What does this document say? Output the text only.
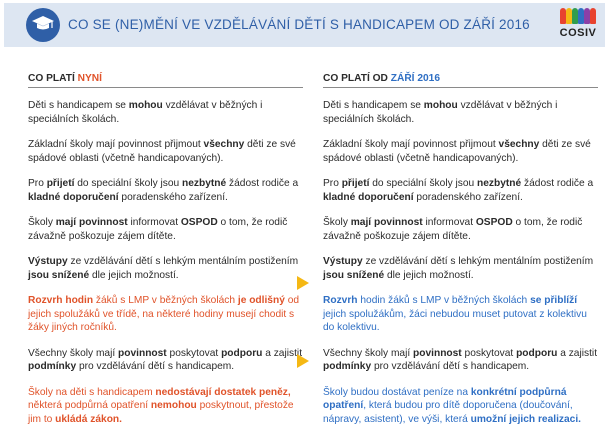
CO SE (NE)MĚNÍ VE VZDĚLÁVÁNÍ DĚTÍ S HANDICAPEM OD ZÁŘÍ 2016
COSIV
CO PLATÍ NYNÍ
Děti s handicapem se mohou vzdělávat v běžných i speciálních školách.
Základní školy mají povinnost přijmout všechny děti ze své spádové oblasti (včetně handicapovaných).
Pro přijetí do speciální školy jsou nezbytné žádost rodiče a kladné doporučení poradenského zařízení.
Školy mají povinnost informovat OSPOD o tom, že rodič závažně poškozuje zájem dítěte.
Výstupy ze vzdělávání dětí s lehkým mentálním postižením jsou snížené dle jejich možností.
Rozvrh hodin žáků s LMP v běžných školách je odlišný od jejich spolužáků ve třídě, na některé hodiny musejí chodit s žáky jiných ročníků.
Všechny školy mají povinnost poskytovat podporu a zajistit podmínky pro vzdělávání dětí s handicapem.
Školy na děti s handicapem nedostávají dostatek peněz, některá podpůrná opatření nemohou poskytnout, přestože jim to ukládá zákon.
CO PLATÍ OD ZÁŘÍ 2016
Děti s handicapem se mohou vzdělávat v běžných i speciálních školách.
Základní školy mají povinnost přijmout všechny děti ze své spádové oblasti (včetně handicapovaných).
Pro přijetí do speciální školy jsou nezbytné žádost rodiče a kladné doporučení poradenského zařízení.
Školy mají povinnost informovat OSPOD o tom, že rodič závažně poškozuje zájem dítěte.
Výstupy ze vzdělávání dětí s lehkým mentálním postižením jsou snížené dle jejich možností.
Rozvrh hodin žáků s LMP v běžných školách se přiblíží jejich spolužákům, žáci nebudou muset putovat z kolektivu do kolektivu.
Všechny školy mají povinnost poskytovat podporu a zajistit podmínky pro vzdělávání dětí s handicapem.
Školy budou dostávat peníze na konkrétní podpůrná opatření, která budou pro dítě doporučena (doučování, nápravy, asistent), ve výši, která umožní jejich realizaci.
